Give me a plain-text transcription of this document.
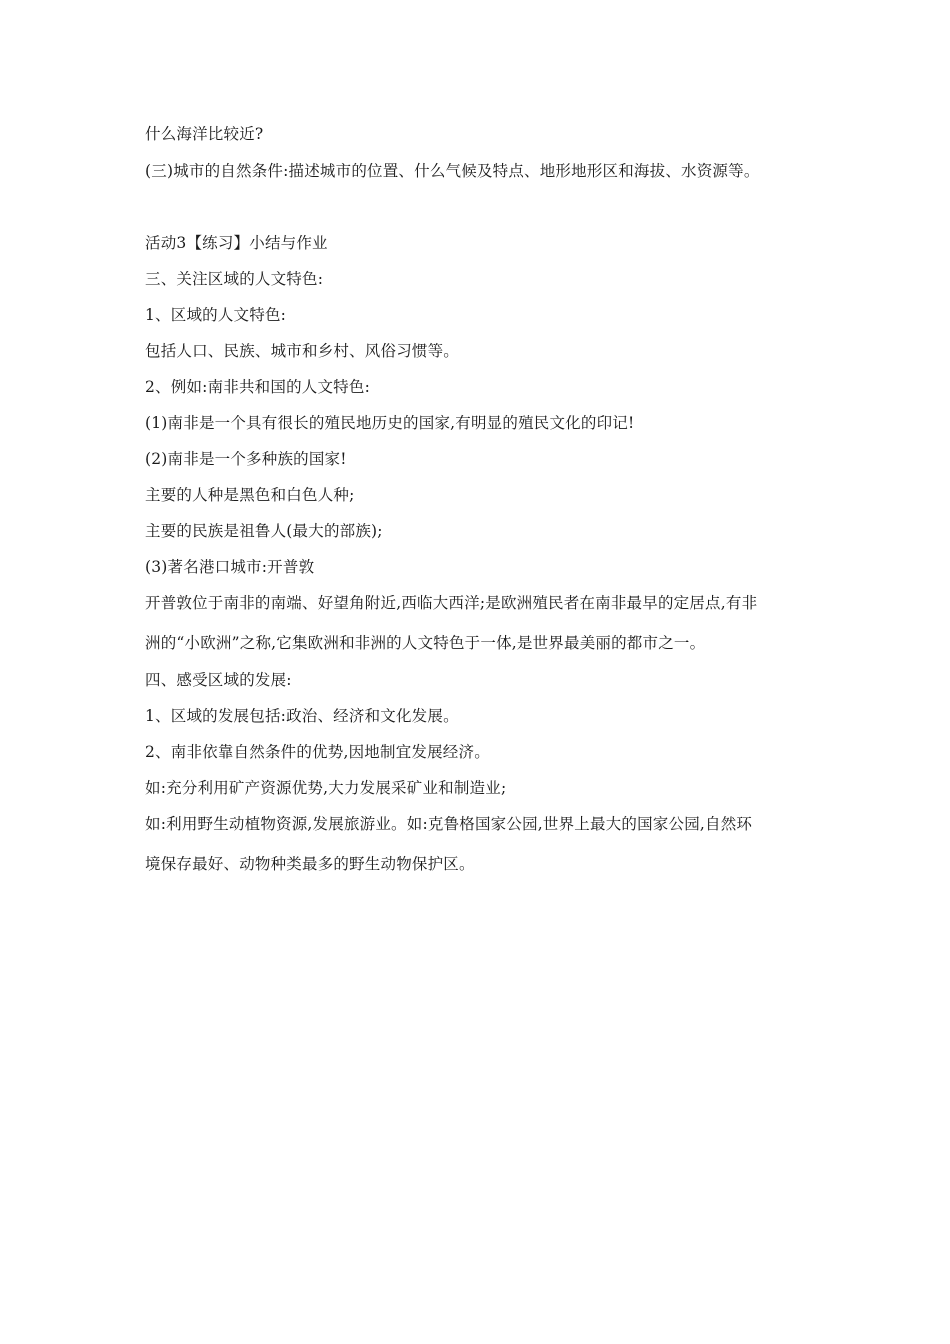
什么海洋比较近?
(三)城市的自然条件:描述城市的位置、什么气候及特点、地形地形区和海拔、水资源等。
活动3【练习】小结与作业
三、关注区域的人文特色:
1、区域的人文特色:
包括人口、民族、城市和乡村、风俗习惯等。
2、例如:南非共和国的人文特色:
(1)南非是一个具有很长的殖民地历史的国家,有明显的殖民文化的印记!
(2)南非是一个多种族的国家!
主要的人种是黑色和白色人种;
主要的民族是祖鲁人(最大的部族);
(3)著名港口城市:开普敦
开普敦位于南非的南端、好望角附近,西临大西洋;是欧洲殖民者在南非最早的定居点,有非
洲的“小欧洲”之称,它集欧洲和非洲的人文特色于一体,是世界最美丽的都市之一。
四、感受区域的发展:
1、区域的发展包括:政治、经济和文化发展。
2、南非依靠自然条件的优势,因地制宜发展经济。
如:充分利用矿产资源优势,大力发展采矿业和制造业;
如:利用野生动植物资源,发展旅游业。如:克鲁格国家公园,世界上最大的国家公园,自然环
境保存最好、动物种类最多的野生动物保护区。
